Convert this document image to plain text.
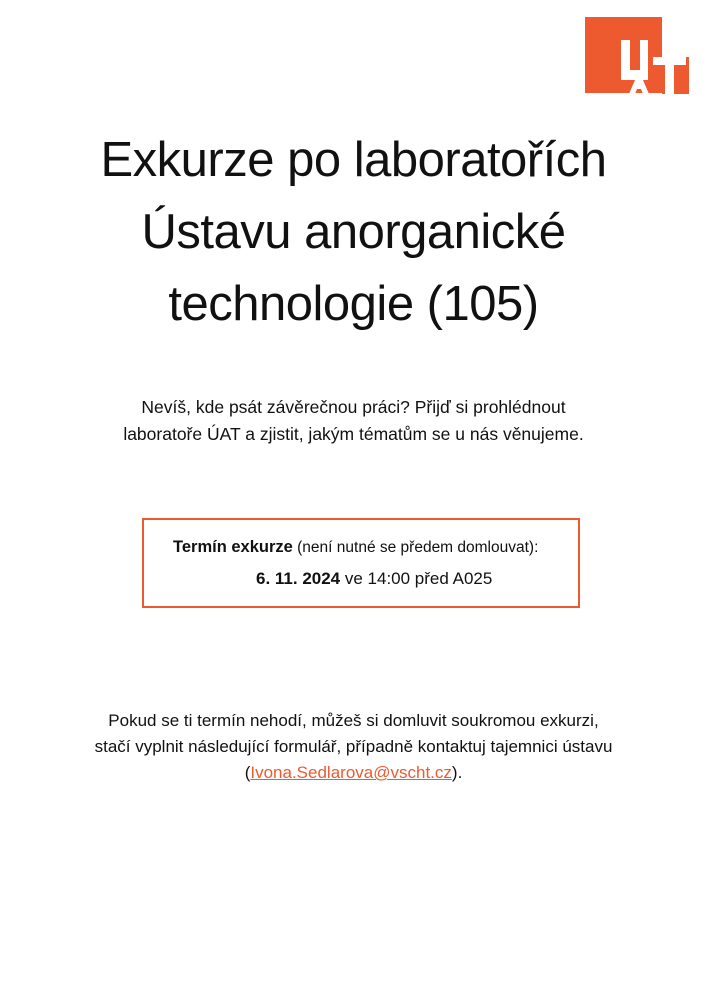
Exkurze po laboratořích
Ústavu anorganické
technologie (105)

Nevíš, kde psát závěrečnou práci? Přijď si prohlédnout
laboratoře ÚAT a zjistit, jakým tématům se u nás věnujeme.

Termín exkurze (není nutné se předem domlouvat):
6. 11. 2024 ve 14:00 před A025

Pokud se ti termín nehodí, můžeš si domluvit soukromou exkurzi,
stačí vyplnit následující formulář, případně kontaktuj tajemnici ústavu
(Ivona.Sedlarova@vscht.cz).
